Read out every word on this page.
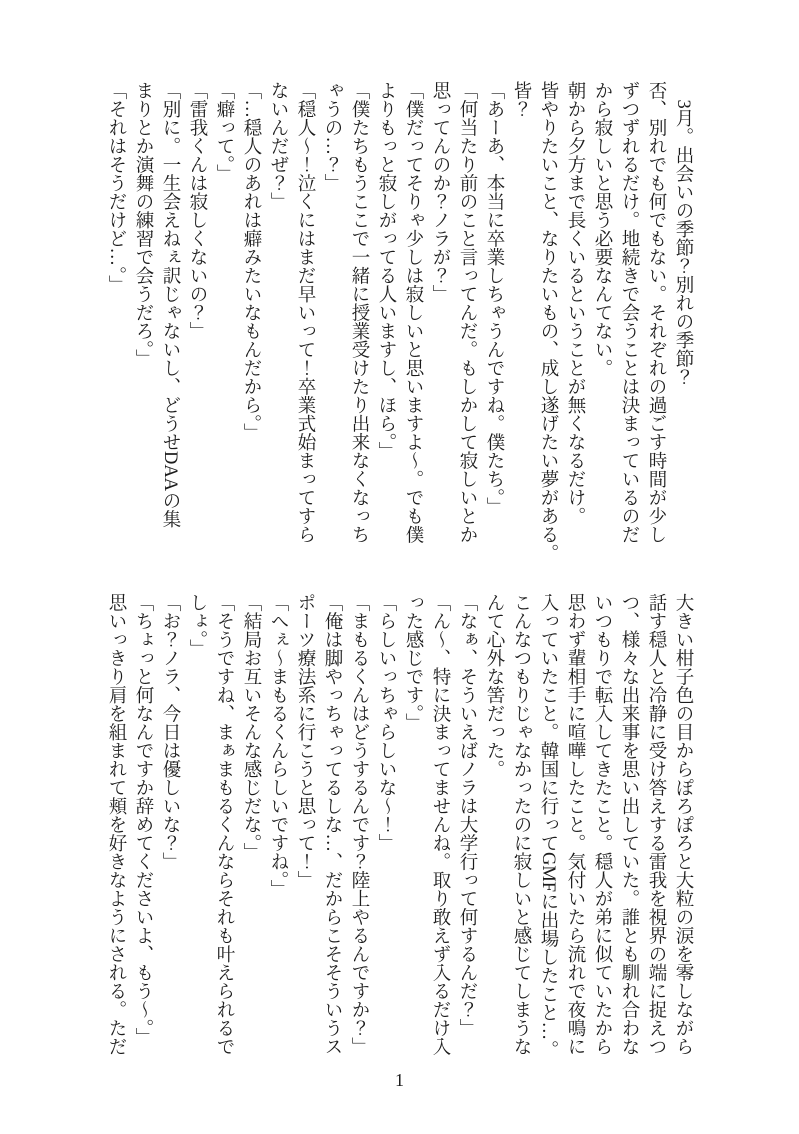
　3月。出会いの季節？別れの季節？

否、別れでも何でもない。それぞれの過ごす時間が少し

ずつずれるだけ。地続きで会うことは決まっているのだ

から寂しいと思う必要なんてない。

朝から夕方まで長くいるということが無くなるだけ。

皆やりたいこと、なりたいもの、成し遂げたい夢がある。

皆？

「あーあ、本当に卒業しちゃうんですね。僕たち。」

「何当たり前のこと言ってんだ。もしかして寂しいとか

思ってんのか？ノラが？」

「僕だってそりゃ少しは寂しいと思いますよ〜。でも僕

よりもっと寂しがってる人いますし、ほら。」

「僕たちもうここで一緒に授業受けたり出来なくなっち

ゃうの…？」

「穏人〜！泣くにはまだ早いって！卒業式始まってすら

ないんだぜ？」

「…穏人のあれは癖みたいなもんだから。」

「癖って。」

「雷我くんは寂しくないの？」

「別に。一生会えねぇ訳じゃないし、どうせDAAの集

まりとか演舞の練習で会うだろ。」

「それはそうだけど…。」

大きい柑子色の目からぽろぽろと大粒の涙を零しながら

話す穏人と冷静に受け答えする雷我を視界の端に捉えつ

つ、様々な出来事を思い出していた。誰とも馴れ合わな

いつもりで転入してきたこと。穏人が弟に似ていたから

思わず輩相手に喧嘩したこと。気付いたら流れで夜鳴に

入っていたこと。韓国に行ってGMFに出場したこと…。

こんなつもりじゃなかったのに寂しいと感じてしまうな

んて心外な筈だった。

「なぁ、そういえばノラは大学行って何するんだ？」

「ん〜、特に決まってませんね。取り敢えず入るだけ入

った感じです。」

「らしいっちゃらしいな〜！」

「まもるくんはどうするんです？陸上やるんですか？」

「俺は脚やっちゃってるしな…、だからこそそういうス

ポーツ療法系に行こうと思って！」

「へぇ〜まもるくんらしいですね。」

「結局お互いそんな感じだな。」

「そうですね、まぁまもるくんならそれも叶えられるで

しょ。」

「お？ノラ、今日は優しいな？」

「ちょっと何なんですか辞めてくださいよ、もう〜。」

思いっきり肩を組まれて頬を好きなようにされる。ただ

1
